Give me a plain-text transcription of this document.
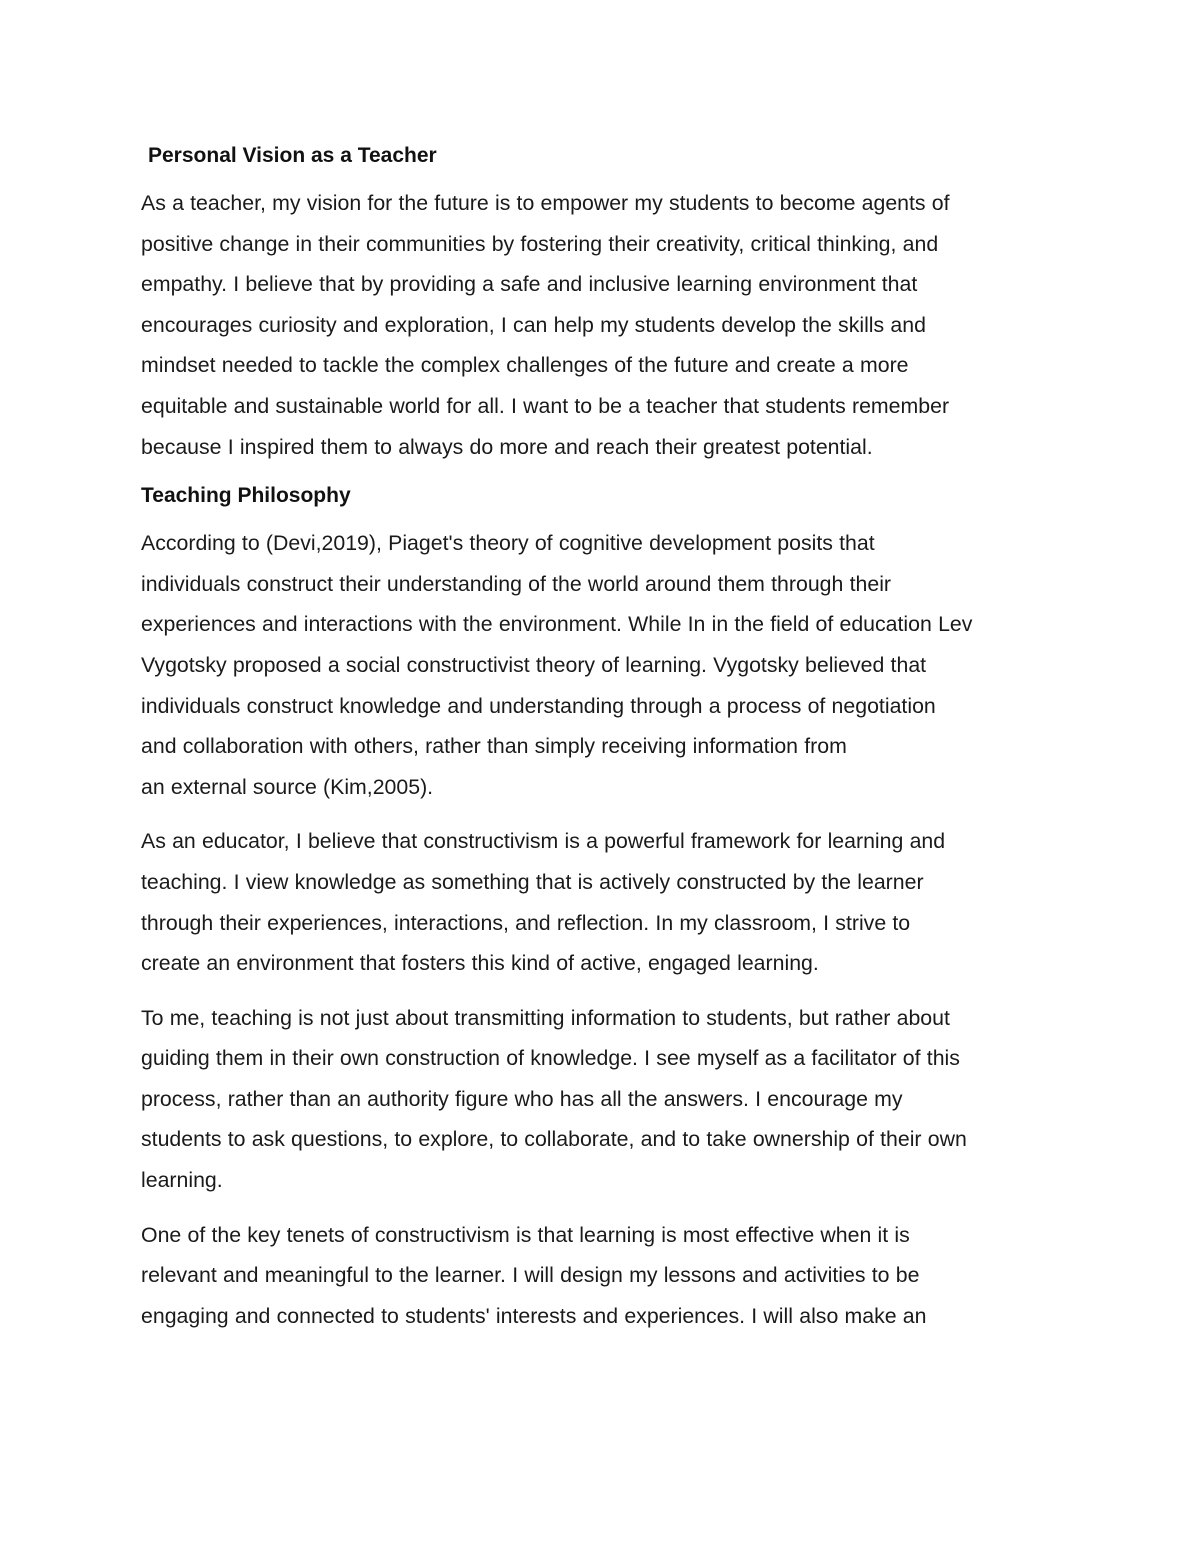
Personal Vision as a Teacher

As a teacher, my vision for the future is to empower my students to become agents of
positive change in their communities by fostering their creativity, critical thinking, and
empathy. I believe that by providing a safe and inclusive learning environment that
encourages curiosity and exploration, I can help my students develop the skills and
mindset needed to tackle the complex challenges of the future and create a more
equitable and sustainable world for all. I want to be a teacher that students remember
because I inspired them to always do more and reach their greatest potential.

Teaching Philosophy

According to (Devi,2019), Piaget's theory of cognitive development posits that
individuals construct their understanding of the world around them through their
experiences and interactions with the environment. While In in the field of education Lev
Vygotsky proposed a social constructivist theory of learning. Vygotsky believed that
individuals construct knowledge and understanding through a process of negotiation
and collaboration with others, rather than simply receiving information from
an external source (Kim,2005).

As an educator, I believe that constructivism is a powerful framework for learning and
teaching. I view knowledge as something that is actively constructed by the learner
through their experiences, interactions, and reflection. In my classroom, I strive to
create an environment that fosters this kind of active, engaged learning.

To me, teaching is not just about transmitting information to students, but rather about
guiding them in their own construction of knowledge. I see myself as a facilitator of this
process, rather than an authority figure who has all the answers. I encourage my
students to ask questions, to explore, to collaborate, and to take ownership of their own
learning.

One of the key tenets of constructivism is that learning is most effective when it is
relevant and meaningful to the learner. I will design my lessons and activities to be
engaging and connected to students' interests and experiences. I will also make an
